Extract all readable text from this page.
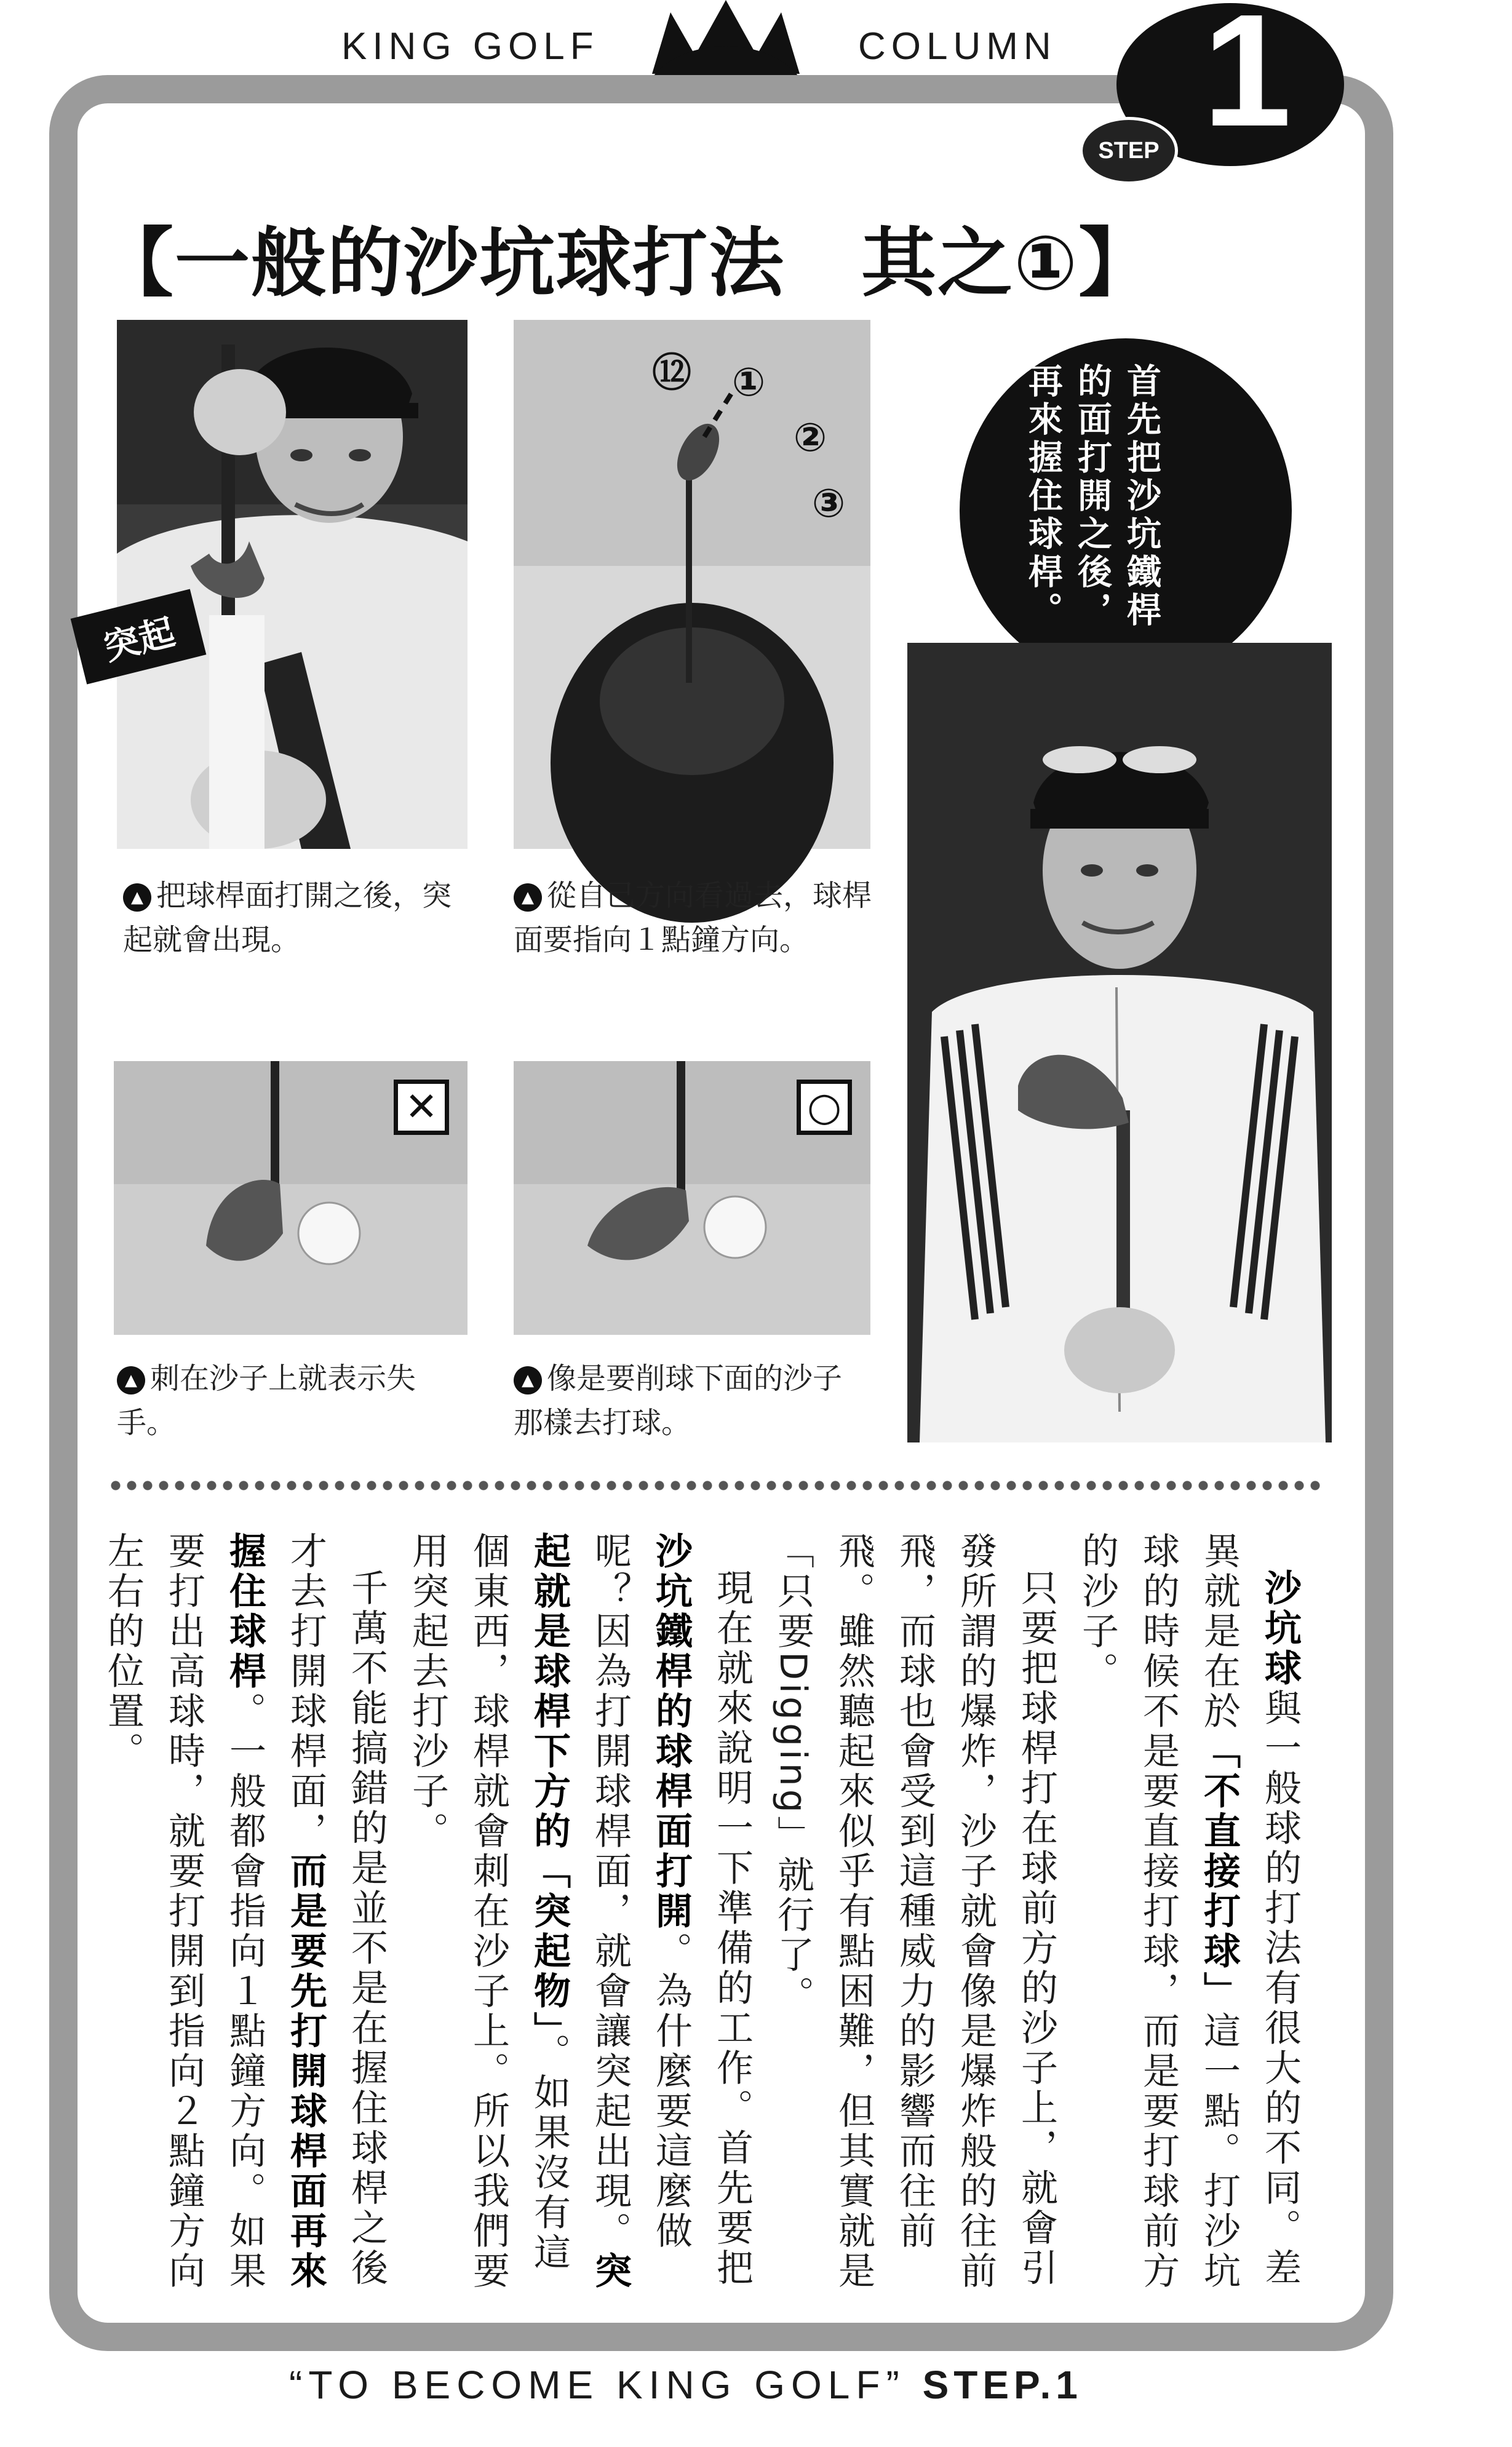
KING GOLF	COLUMN 1
STEP
【一般的沙坑球打法　其之①】
突起
▲ 把球桿面打開之後，突起就會出現。
⑫ ①
②
③
▲ 從自己方向看過去，球桿面要指向１點鐘方向。
首先把沙坑鐵桿的面打開之後，再來握住球桿。
✕
▲ 刺在沙子上就表示失手。
○
▲ 像是要削球下面的沙子那樣去打球。

沙坑球與一般球的打法有很大的不同。差異就是在於「不直接打球」這一點。打沙坑球的時候不是要直接打球，而是要打球前方的沙子。

只要把球桿打在球前方的沙子上，就會引發所謂的爆炸，沙子就會像是爆炸般的往前飛，而球也會受到這種威力的影響而往前飛。雖然聽起來似乎有點困難，但其實就是「只要Digging」就行了。

現在就來說明一下準備的工作。首先要把沙坑鐵桿的球桿面打開。為什麼要這麼做呢？因為打開球桿面，就會讓突起出現。突起就是球桿下方的「突起物」。如果沒有這個東西，球桿就會刺在沙子上。所以我們要用突起去打沙子。

千萬不能搞錯的是並不是在握住球桿之後才去打開球桿面，而是要先打開球桿面再來握住球桿。一般都會指向１點鐘方向。如果要打出高球時，就要打開到指向２點鐘方向左右的位置。

“TO BECOME KING GOLF” STEP.1
